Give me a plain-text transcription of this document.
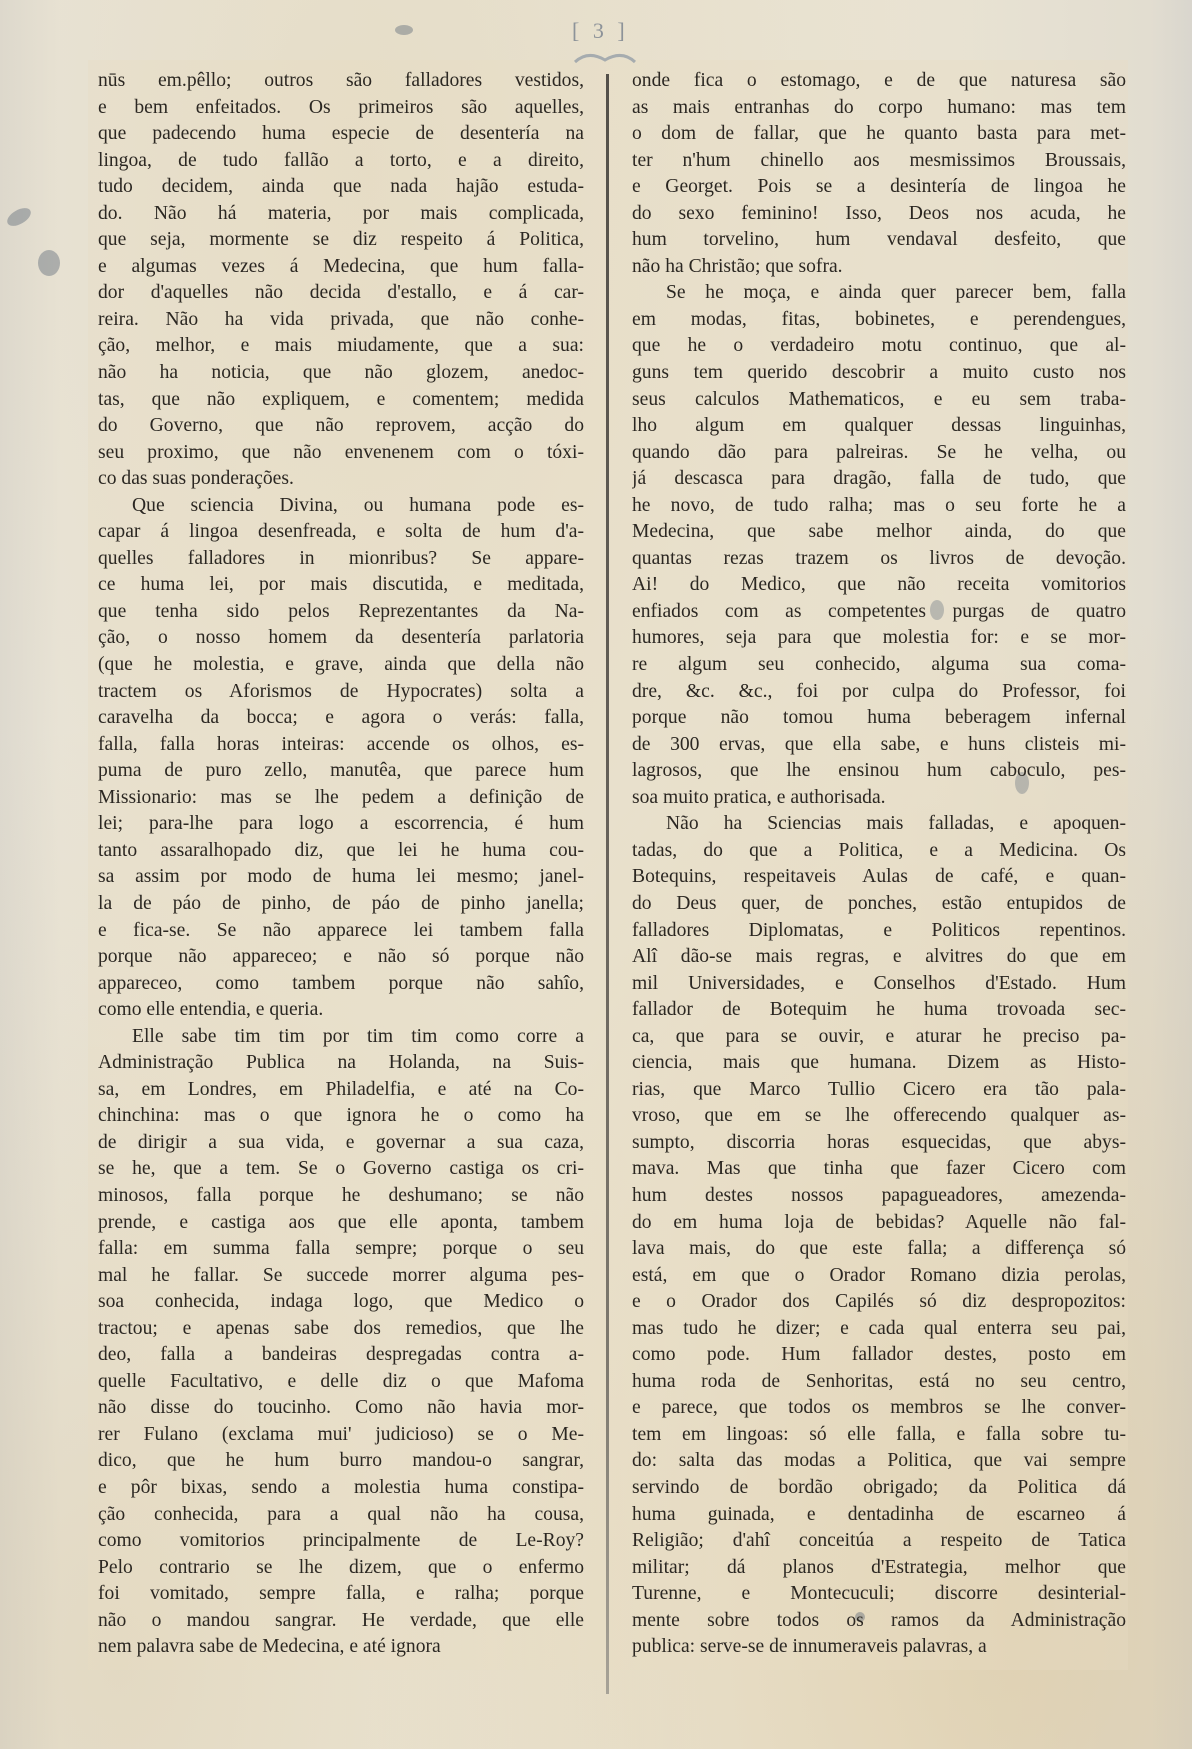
[ 3 ]
nūs em.pêllo; outros são falladores vestidos,
e bem enfeitados. Os primeiros são aquelles,
que padecendo huma especie de desentería na
lingoa, de tudo fallão a torto, e a direito,
tudo decidem, ainda que nada hajão estuda-
do. Não há materia, por mais complicada,
que seja, mormente se diz respeito á Politica,
e algumas vezes á Medecina, que hum falla-
dor d'aquelles não decida d'estallo, e á car-
reira. Não ha vida privada, que não conhe-
ção, melhor, e mais miudamente, que a sua:
não ha noticia, que não glozem, anedoc-
tas, que não expliquem, e comentem; medida
do Governo, que não reprovem, acção do
seu proximo, que não envenenem com o tóxi-
co das suas ponderações.
Que sciencia Divina, ou humana pode es-
capar á lingoa desenfreada, e solta de hum d'a-
quelles falladores in mionribus? Se appare-
ce huma lei, por mais discutida, e meditada,
que tenha sido pelos Reprezentantes da Na-
ção, o nosso homem da desentería parlatoria
(que he molestia, e grave, ainda que della não
tractem os Aforismos de Hypocrates) solta a
caravelha da bocca; e agora o verás: falla,
falla, falla horas inteiras: accende os olhos, es-
puma de puro zello, manutêa, que parece hum
Missionario: mas se lhe pedem a definição de
lei; para-lhe para logo a escorrencia, é hum
tanto assaralhopado diz, que lei he huma cou-
sa assim por modo de huma lei mesmo; janel-
la de páo de pinho, de páo de pinho janella;
e fica-se. Se não apparece lei tambem falla
porque não appareceo; e não só porque não
appareceo, como tambem porque não sahîo,
como elle entendia, e queria.
Elle sabe tim tim por tim tim como corre a
Administração Publica na Holanda, na Suis-
sa, em Londres, em Philadelfia, e até na Co-
chinchina: mas o que ignora he o como ha
de dirigir a sua vida, e governar a sua caza,
se he, que a tem. Se o Governo castiga os cri-
minosos, falla porque he deshumano; se não
prende, e castiga aos que elle aponta, tambem
falla: em summa falla sempre; porque o seu
mal he fallar. Se succede morrer alguma pes-
soa conhecida, indaga logo, que Medico o
tractou; e apenas sabe dos remedios, que lhe
deo, falla a bandeiras despregadas contra a-
quelle Facultativo, e delle diz o que Mafoma
não disse do toucinho. Como não havia mor-
rer Fulano (exclama mui' judicioso) se o Me-
dico, que he hum burro mandou-o sangrar,
e pôr bixas, sendo a molestia huma constipa-
ção conhecida, para a qual não ha cousa,
como vomitorios principalmente de Le-Roy?
Pelo contrario se lhe dizem, que o enfermo
foi vomitado, sempre falla, e ralha; porque
não o mandou sangrar. He verdade, que elle
nem palavra sabe de Medecina, e até ignora
onde fica o estomago, e de que naturesa são
as mais entranhas do corpo humano: mas tem
o dom de fallar, que he quanto basta para met-
ter n'hum chinello aos mesmissimos Broussais,
e Georget. Pois se a desintería de lingoa he
do sexo feminino! Isso, Deos nos acuda, he
hum torvelino, hum vendaval desfeito, que
não ha Christão; que sofra.
Se he moça, e ainda quer parecer bem, falla
em modas, fitas, bobinetes, e perendengues,
que he o verdadeiro motu continuo, que al-
guns tem querido descobrir a muito custo nos
seus calculos Mathematicos, e eu sem traba-
lho algum em qualquer dessas linguinhas,
quando dão para palreiras. Se he velha, ou
já descasca para dragão, falla de tudo, que
he novo, de tudo ralha; mas o seu forte he a
Medecina, que sabe melhor ainda, do que
quantas rezas trazem os livros de devoção.
Ai! do Medico, que não receita vomitorios
enfiados com as competentes purgas de quatro
humores, seja para que molestia for: e se mor-
re algum seu conhecido, alguma sua coma-
dre, &c. &c., foi por culpa do Professor, foi
porque não tomou huma beberagem infernal
de 300 ervas, que ella sabe, e huns clisteis mi-
lagrosos, que lhe ensinou hum caboculo, pes-
soa muito pratica, e authorisada.
Não ha Sciencias mais falladas, e apoquen-
tadas, do que a Politica, e a Medicina. Os
Botequins, respeitaveis Aulas de café, e quan-
do Deus quer, de ponches, estão entupidos de
falladores Diplomatas, e Politicos repentinos.
Alî dão-se mais regras, e alvitres do que em
mil Universidades, e Conselhos d'Estado. Hum
fallador de Botequim he huma trovoada sec-
ca, que para se ouvir, e aturar he preciso pa-
ciencia, mais que humana. Dizem as Histo-
rias, que Marco Tullio Cicero era tão pala-
vroso, que em se lhe offerecendo qualquer as-
sumpto, discorria horas esquecidas, que abys-
mava. Mas que tinha que fazer Cicero com
hum destes nossos papagueadores, amezenda-
do em huma loja de bebidas? Aquelle não fal-
lava mais, do que este falla; a differença só
está, em que o Orador Romano dizia perolas,
e o Orador dos Capilés só diz despropozitos:
mas tudo he dizer; e cada qual enterra seu pai,
como pode. Hum fallador destes, posto em
huma roda de Senhoritas, está no seu centro,
e parece, que todos os membros se lhe conver-
tem em lingoas: só elle falla, e falla sobre tu-
do: salta das modas a Politica, que vai sempre
servindo de bordão obrigado; da Politica dá
huma guinada, e dentadinha de escarneo á
Religião; d'ahî conceitúa a respeito de Tatica
militar; dá planos d'Estrategia, melhor que
Turenne, e Montecuculi; discorre desinterial-
mente sobre todos os ramos da Administração
publica: serve-se de innumeraveis palavras, a
